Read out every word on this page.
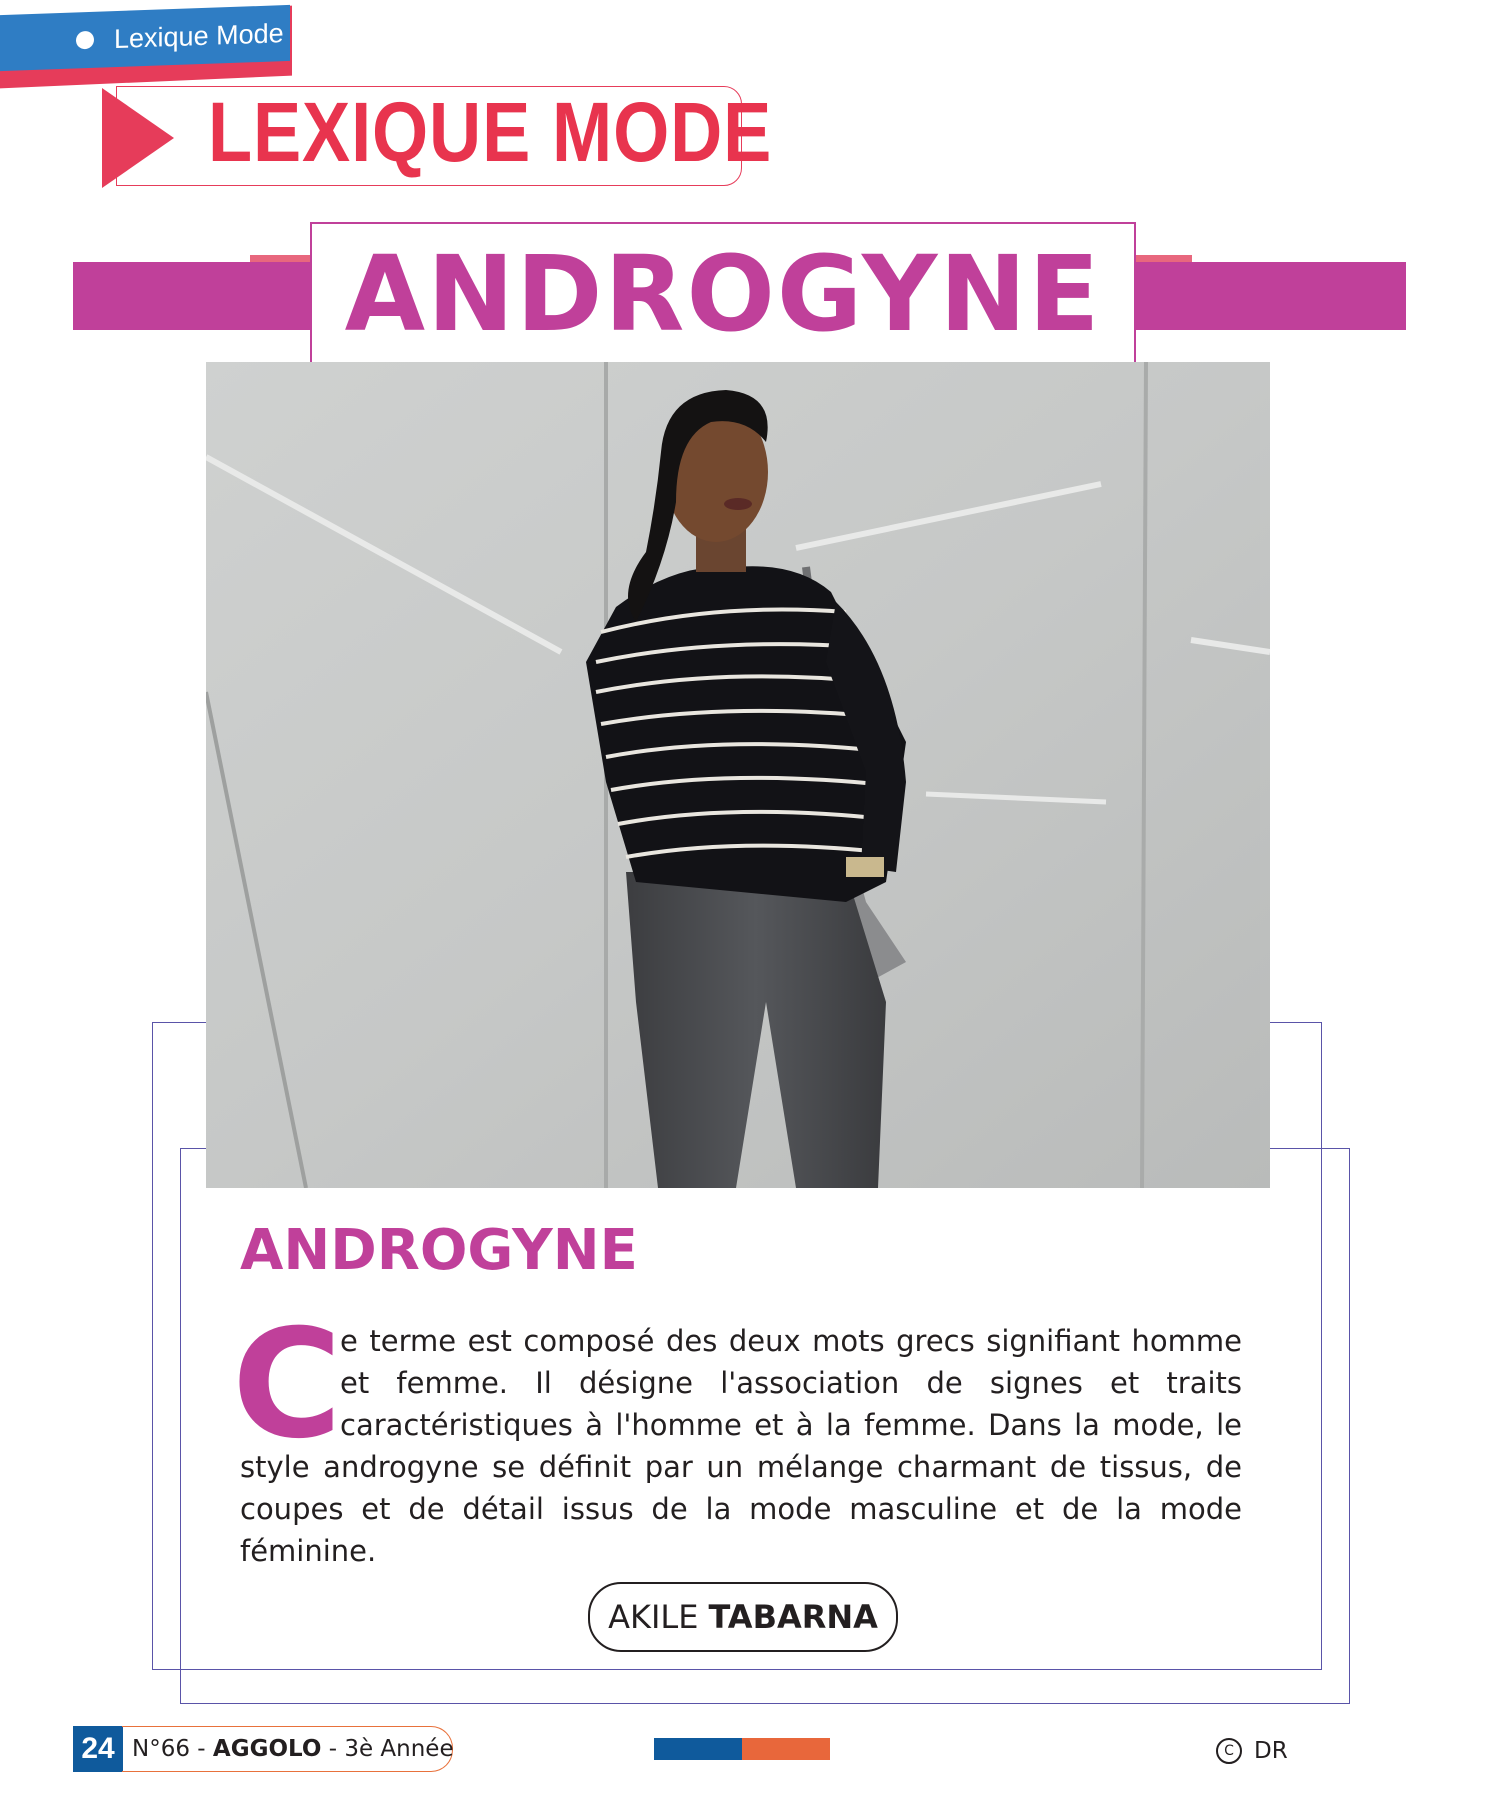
Lexique Mode
LEXIQUE MODE
ANDROGYNE
ANDROGYNE
C
e terme est composé des deux mots grecs signifiant homme et femme. Il désigne l'association de signes et traits caractéristiques à l'homme et à la femme. Dans la mode, le style androgyne se définit par un mélange charmant de tissus, de coupes et de détail issus de la mode masculine et de la mode féminine.
AKILE TABARNA
24 N°66 -
AGGOLO
- 3è Année	C DR
